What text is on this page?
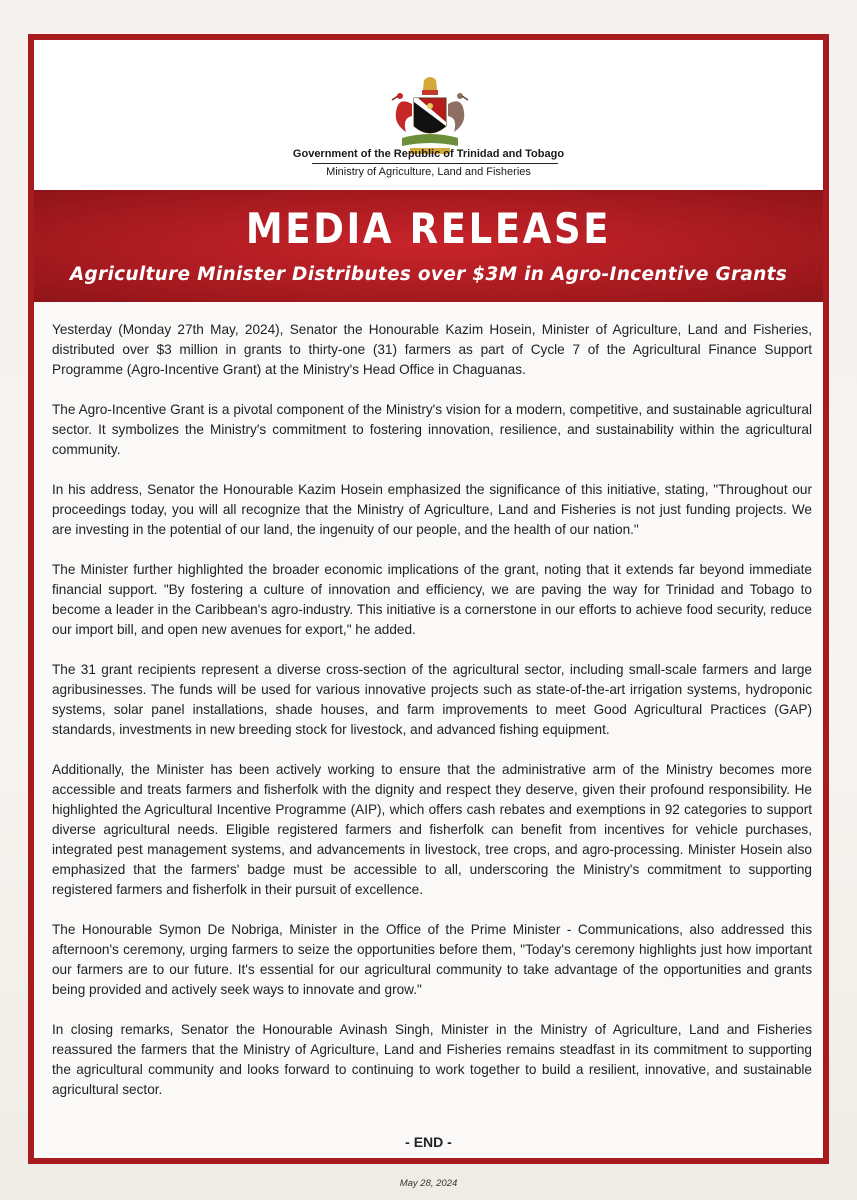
Government of the Republic of Trinidad and Tobago
Ministry of Agriculture, Land and Fisheries
MEDIA RELEASE
Agriculture Minister Distributes over $3M in Agro-Incentive Grants

Yesterday (Monday 27th May, 2024), Senator the Honourable Kazim Hosein, Minister of Agriculture, Land and Fisheries, distributed over $3 million in grants to thirty-one (31) farmers as part of Cycle 7 of the Agricultural Finance Support Programme (Agro-Incentive Grant) at the Ministry's Head Office in Chaguanas.

The Agro-Incentive Grant is a pivotal component of the Ministry's vision for a modern, competitive, and sustainable agricultural sector. It symbolizes the Ministry's commitment to fostering innovation, resilience, and sustainability within the agricultural community.

In his address, Senator the Honourable Kazim Hosein emphasized the significance of this initiative, stating, "Throughout our proceedings today, you will all recognize that the Ministry of Agriculture, Land and Fisheries is not just funding projects. We are investing in the potential of our land, the ingenuity of our people, and the health of our nation."

The Minister further highlighted the broader economic implications of the grant, noting that it extends far beyond immediate financial support. "By fostering a culture of innovation and efficiency, we are paving the way for Trinidad and Tobago to become a leader in the Caribbean's agro-industry. This initiative is a cornerstone in our efforts to achieve food security, reduce our import bill, and open new avenues for export," he added.

The 31 grant recipients represent a diverse cross-section of the agricultural sector, including small-scale farmers and large agribusinesses. The funds will be used for various innovative projects such as state-of-the-art irrigation systems, hydroponic systems, solar panel installations, shade houses, and farm improvements to meet Good Agricultural Practices (GAP) standards, investments in new breeding stock for livestock, and advanced fishing equipment.

Additionally, the Minister has been actively working to ensure that the administrative arm of the Ministry becomes more accessible and treats farmers and fisherfolk with the dignity and respect they deserve, given their profound responsibility. He highlighted the Agricultural Incentive Programme (AIP), which offers cash rebates and exemptions in 92 categories to support diverse agricultural needs. Eligible registered farmers and fisherfolk can benefit from incentives for vehicle purchases, integrated pest management systems, and advancements in livestock, tree crops, and agro-processing. Minister Hosein also emphasized that the farmers' badge must be accessible to all, underscoring the Ministry's commitment to supporting registered farmers and fisherfolk in their pursuit of excellence.

The Honourable Symon De Nobriga, Minister in the Office of the Prime Minister - Communications, also addressed this afternoon's ceremony, urging farmers to seize the opportunities before them, "Today's ceremony highlights just how important our farmers are to our future. It's essential for our agricultural community to take advantage of the opportunities and grants being provided and actively seek ways to innovate and grow."

In closing remarks, Senator the Honourable Avinash Singh, Minister in the Ministry of Agriculture, Land and Fisheries reassured the farmers that the Ministry of Agriculture, Land and Fisheries remains steadfast in its commitment to supporting the agricultural community and looks forward to continuing to work together to build a resilient, innovative, and sustainable agricultural sector.

- END -
May 28, 2024
